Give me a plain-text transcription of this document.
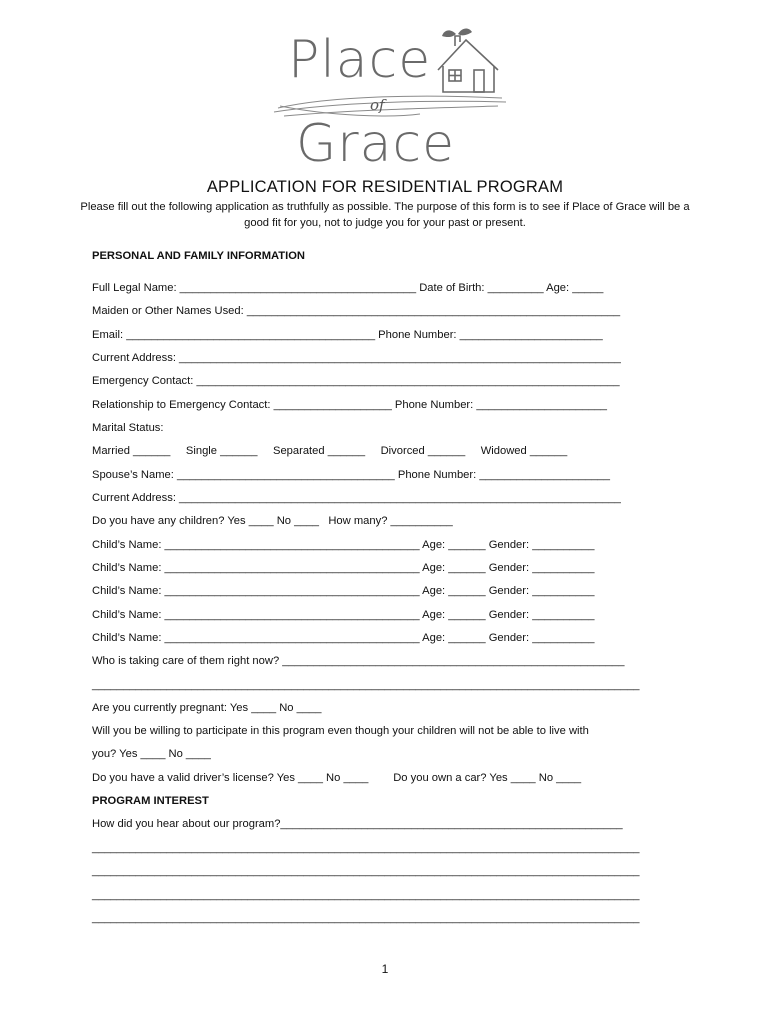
Place
of
Grace
APPLICATION FOR RESIDENTIAL PROGRAM
Please fill out the following application as truthfully as possible. The purpose of this form is to see if Place of Grace will be a good fit for you, not to judge you for your past or present.
PERSONAL AND FAMILY INFORMATION
Full Legal Name: ______________________________________ Date of Birth: _________ Age: _____
Maiden or Other Names Used: ____________________________________________________________
Email: ________________________________________ Phone Number: _______________________
Current Address: _______________________________________________________________________
Emergency Contact: ____________________________________________________________________
Relationship to Emergency Contact: ___________________ Phone Number: _____________________
Marital Status:
Married ______     Single ______     Separated ______     Divorced ______     Widowed ______
Spouse’s Name: ___________________________________ Phone Number: _____________________
Current Address: _______________________________________________________________________
Do you have any children? Yes ____ No ____   How many? __________
Child’s Name: _________________________________________ Age: ______ Gender: __________
Child’s Name: _________________________________________ Age: ______ Gender: __________
Child’s Name: _________________________________________ Age: ______ Gender: __________
Child’s Name: _________________________________________ Age: ______ Gender: __________
Child’s Name: _________________________________________ Age: ______ Gender: __________
Who is taking care of them right now? _______________________________________________________
________________________________________________________________________________________
Are you currently pregnant: Yes ____ No ____
Will you be willing to participate in this program even though your children will not be able to live with
you? Yes ____ No ____
Do you have a valid driver’s license? Yes ____ No ____        Do you own a car? Yes ____ No ____
PROGRAM INTEREST
How did you hear about our program?_______________________________________________________
________________________________________________________________________________________
________________________________________________________________________________________
________________________________________________________________________________________
________________________________________________________________________________________
1
